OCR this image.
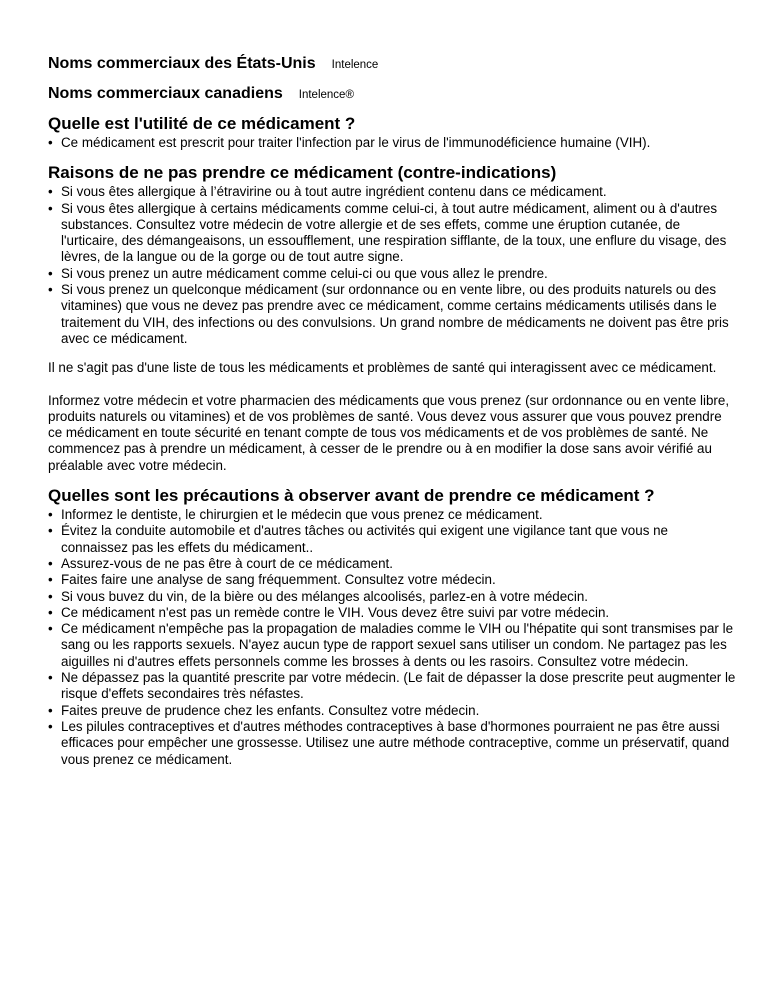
Noms commerciaux des États-Unis Intelence
Noms commerciaux canadiens Intelence®
Quelle est l'utilité de ce médicament ?
• Ce médicament est prescrit pour traiter l'infection par le virus de l'immunodéficience humaine (VIH).
Raisons de ne pas prendre ce médicament (contre-indications)
• Si vous êtes allergique à l’étravirine ou à tout autre ingrédient contenu dans ce médicament.
• Si vous êtes allergique à certains médicaments comme celui-ci, à tout autre médicament, aliment ou à d'autres substances. Consultez votre médecin de votre allergie et de ses effets, comme une éruption cutanée, de l'urticaire, des démangeaisons, un essoufflement, une respiration sifflante, de la toux, une enflure du visage, des lèvres, de la langue ou de la gorge ou de tout autre signe.
• Si vous prenez un autre médicament comme celui-ci ou que vous allez le prendre.
• Si vous prenez un quelconque médicament (sur ordonnance ou en vente libre, ou des produits naturels ou des vitamines) que vous ne devez pas prendre avec ce médicament, comme certains médicaments utilisés dans le traitement du VIH, des infections ou des convulsions. Un grand nombre de médicaments ne doivent pas être pris avec ce médicament.

Il ne s'agit pas d'une liste de tous les médicaments et problèmes de santé qui interagissent avec ce médicament.

Informez votre médecin et votre pharmacien des médicaments que vous prenez (sur ordonnance ou en vente libre, produits naturels ou vitamines) et de vos problèmes de santé. Vous devez vous assurer que vous pouvez prendre ce médicament en toute sécurité en tenant compte de tous vos médicaments et de vos problèmes de santé. Ne commencez pas à prendre un médicament, à cesser de le prendre ou à en modifier la dose sans avoir vérifié au préalable avec votre médecin.

Quelles sont les précautions à observer avant de prendre ce médicament ?
• Informez le dentiste, le chirurgien et le médecin que vous prenez ce médicament.
• Évitez la conduite automobile et d'autres tâches ou activités qui exigent une vigilance tant que vous ne connaissez pas les effets du médicament..
• Assurez-vous de ne pas être à court de ce médicament.
• Faites faire une analyse de sang fréquemment. Consultez votre médecin.
• Si vous buvez du vin, de la bière ou des mélanges alcoolisés, parlez-en à votre médecin.
• Ce médicament n'est pas un remède contre le VIH. Vous devez être suivi par votre médecin.
• Ce médicament n'empêche pas la propagation de maladies comme le VIH ou l'hépatite qui sont transmises par le sang ou les rapports sexuels. N'ayez aucun type de rapport sexuel sans utiliser un condom. Ne partagez pas les aiguilles ni d'autres effets personnels comme les brosses à dents ou les rasoirs. Consultez votre médecin.
• Ne dépassez pas la quantité prescrite par votre médecin. (Le fait de dépasser la dose prescrite peut augmenter le risque d'effets secondaires très néfastes.
• Faites preuve de prudence chez les enfants. Consultez votre médecin.
• Les pilules contraceptives et d'autres méthodes contraceptives à base d'hormones pourraient ne pas être aussi efficaces pour empêcher une grossesse. Utilisez une autre méthode contraceptive, comme un préservatif, quand vous prenez ce médicament.
